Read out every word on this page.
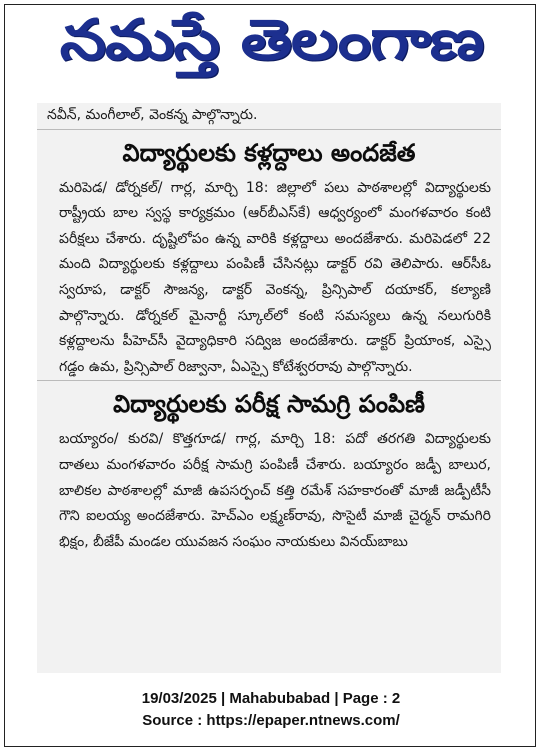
నమస్తే తెలంగాణ

నవీన్, మంగీలాల్, వెంకన్న పాల్గొన్నారు.

విద్యార్థులకు కళ్లద్దాలు అందజేత

మరిపెడ/ డోర్నకల్/ గార్ల, మార్చి 18: జిల్లాలో పలు పాఠశాలల్లో విద్యార్థులకు రాష్ట్రీయ బాల స్వస్థ కార్యక్రమం (ఆర్‌బీఎస్‌కే) ఆధ్వర్యంలో మంగళవారం కంటి పరీక్షలు చేశారు. దృష్టిలోపం ఉన్న వారికి కళ్లద్దాలు అందజేశారు. మరిపెడలో 22 మంది విద్యార్థులకు కళ్లద్దాలు పంపిణీ చేసినట్లు డాక్టర్ రవి తెలిపారు. ఆర్‌సీఓ స్వరూప, డాక్టర్ సౌజన్య, డాక్టర్ వెంకన్న, ప్రిన్సిపాల్ దయాకర్, కల్యాణి పాల్గొన్నారు. డోర్నకల్ మైనార్టీ స్కూల్‌లో కంటి సమస్యలు ఉన్న నలుగురికి కళ్లద్దాలను పీహెచ్‌సీ వైద్యాధికారి సద్విజ అందజేశారు. డాక్టర్ ప్రియాంక, ఎస్సై గడ్డం ఉమ, ప్రిన్సిపాల్ రిజ్వానా, ఏఎస్సై కోటేశ్వరరావు పాల్గొన్నారు.

విద్యార్థులకు పరీక్ష సామగ్రి పంపిణీ

బయ్యారం/ కురవి/ కొత్తగూడ/ గార్ల, మార్చి 18: పదో తరగతి విద్యార్థులకు దాతలు మంగళవారం పరీక్ష సామగ్రి పంపిణీ చేశారు. బయ్యారం జడ్పీ బాలుర, బాలికల పాఠశాలల్లో మాజీ ఉపసర్పంచ్ కత్తి రమేశ్ సహకారంతో మాజీ జడ్పీటీసీ గౌని ఐలయ్య అందజేశారు. హెచ్ఎం లక్ష్మణ్‌రావు, సొసైటీ మాజీ చైర్మన్ రామగిరి భిక్షం, బీజేపీ మండల యువజన సంఘం నాయకులు వినయ్‌బాబు

19/03/2025 | Mahabubabad | Page : 2
Source : https://epaper.ntnews.com/
